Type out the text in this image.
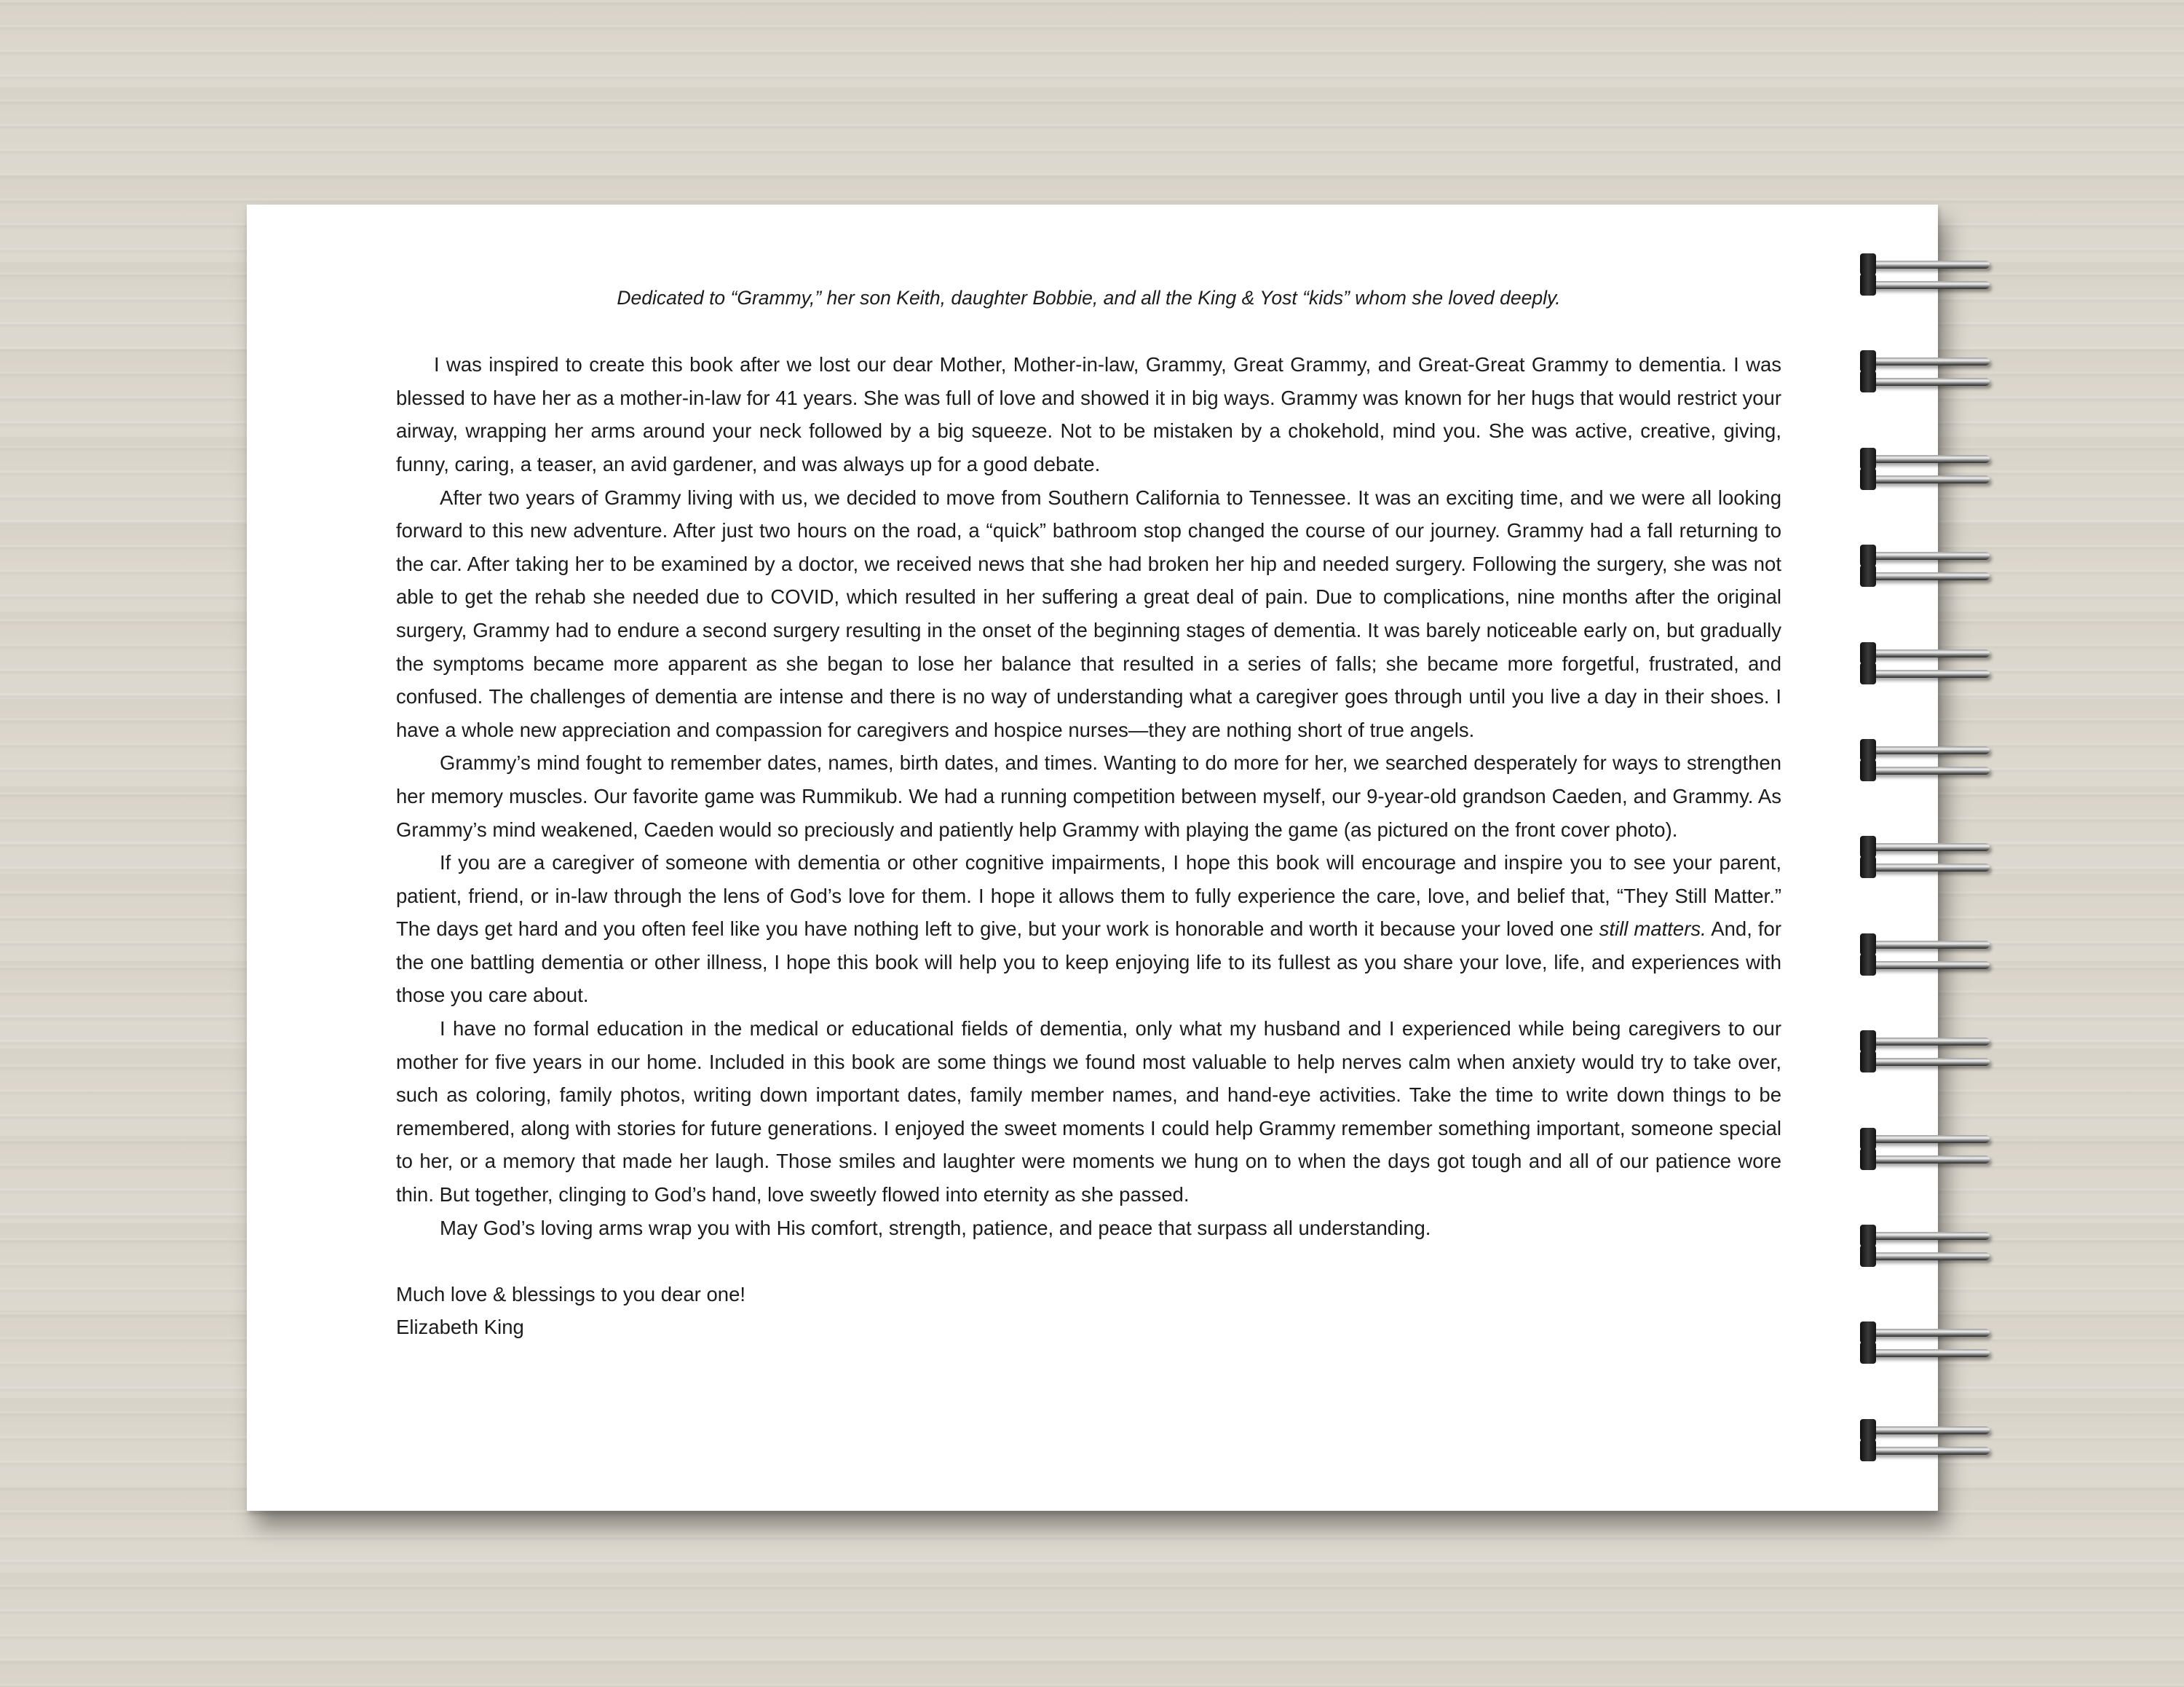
Dedicated to “Grammy,” her son Keith, daughter Bobbie, and all the King & Yost “kids” whom she loved deeply.

I was inspired to create this book after we lost our dear Mother, Mother-in-law, Grammy, Great Grammy, and Great-Great Grammy to dementia. I was blessed to have her as a mother-in-law for 41 years. She was full of love and showed it in big ways. Grammy was known for her hugs that would restrict your airway, wrapping her arms around your neck followed by a big squeeze. Not to be mistaken by a chokehold, mind you. She was active, creative, giving, funny, caring, a teaser, an avid gardener, and was always up for a good debate.

After two years of Grammy living with us, we decided to move from Southern California to Tennessee. It was an exciting time, and we were all looking forward to this new adventure. After just two hours on the road, a “quick” bathroom stop changed the course of our journey. Grammy had a fall returning to the car. After taking her to be examined by a doctor, we received news that she had broken her hip and needed surgery. Following the surgery, she was not able to get the rehab she needed due to COVID, which resulted in her suffering a great deal of pain. Due to complications, nine months after the original surgery, Grammy had to endure a second surgery resulting in the onset of the beginning stages of dementia. It was barely noticeable early on, but gradually the symptoms became more apparent as she began to lose her balance that resulted in a series of falls; she became more forgetful, frustrated, and confused. The challenges of dementia are intense and there is no way of understanding what a caregiver goes through until you live a day in their shoes. I have a whole new appreciation and compassion for caregivers and hospice nurses—they are nothing short of true angels.

Grammy’s mind fought to remember dates, names, birth dates, and times. Wanting to do more for her, we searched desperately for ways to strengthen her memory muscles. Our favorite game was Rummikub. We had a running competition between myself, our 9-year-old grandson Caeden, and Grammy. As Grammy’s mind weakened, Caeden would so preciously and patiently help Grammy with playing the game (as pictured on the front cover photo).

If you are a caregiver of someone with dementia or other cognitive impairments, I hope this book will encourage and inspire you to see your parent, patient, friend, or in-law through the lens of God’s love for them. I hope it allows them to fully experience the care, love, and belief that, “They Still Matter.” The days get hard and you often feel like you have nothing left to give, but your work is honorable and worth it because your loved one still matters. And, for the one battling dementia or other illness, I hope this book will help you to keep enjoying life to its fullest as you share your love, life, and experiences with those you care about.

I have no formal education in the medical or educational fields of dementia, only what my husband and I experienced while being caregivers to our mother for five years in our home. Included in this book are some things we found most valuable to help nerves calm when anxiety would try to take over, such as coloring, family photos, writing down important dates, family member names, and hand-eye activities. Take the time to write down things to be remembered, along with stories for future generations. I enjoyed the sweet moments I could help Grammy remember something important, someone special to her, or a memory that made her laugh. Those smiles and laughter were moments we hung on to when the days got tough and all of our patience wore thin. But together, clinging to God’s hand, love sweetly flowed into eternity as she passed.

May God’s loving arms wrap you with His comfort, strength, patience, and peace that surpass all understanding.

Much love & blessings to you dear one!

Elizabeth King
